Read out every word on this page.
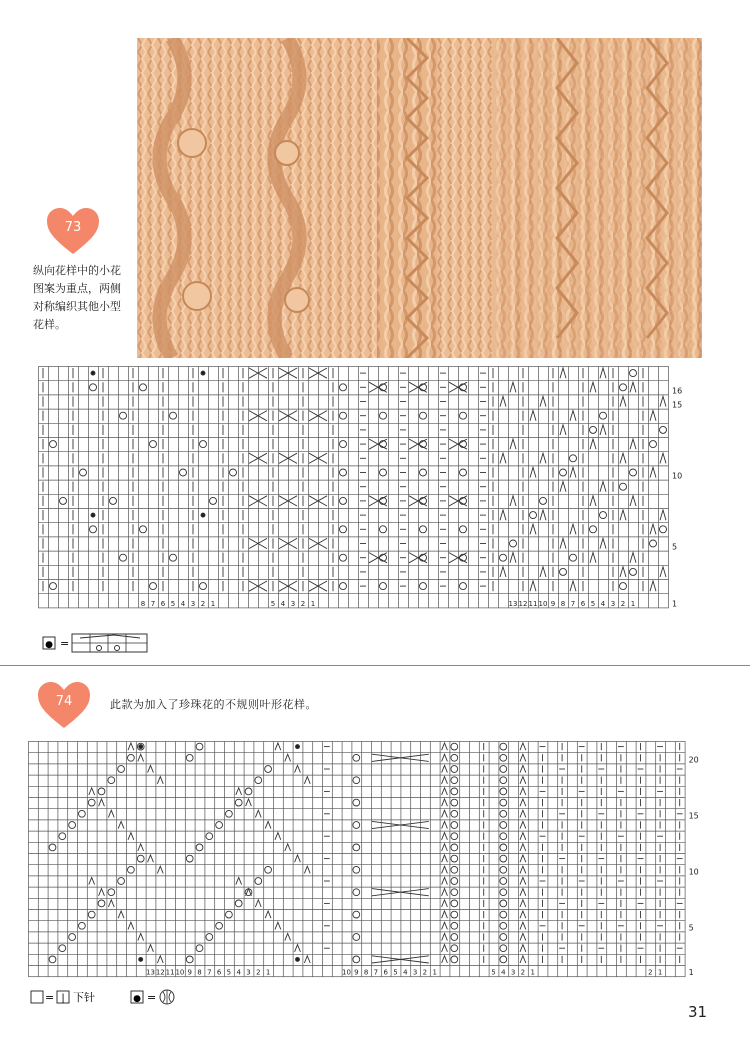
73
纵向花样中的小花图案为重点，两侧对称编织其他小型花样。
1
5
10
15
16
8 7 6 5 4 3 2 1	5 4 3 2 1	13 12 11 10 9 8 7 6 5 4 3 2 1
● =
74	此款为加入了珍珠花的不规则叶形花样。
1
5
10
15
20
13 12 11 10 9 8 7 6 5 4 3 2 1	10 9 8 7 6 5 4 3 2 1	5 4 3 2 1	2 1
= | 下针	● =
31
